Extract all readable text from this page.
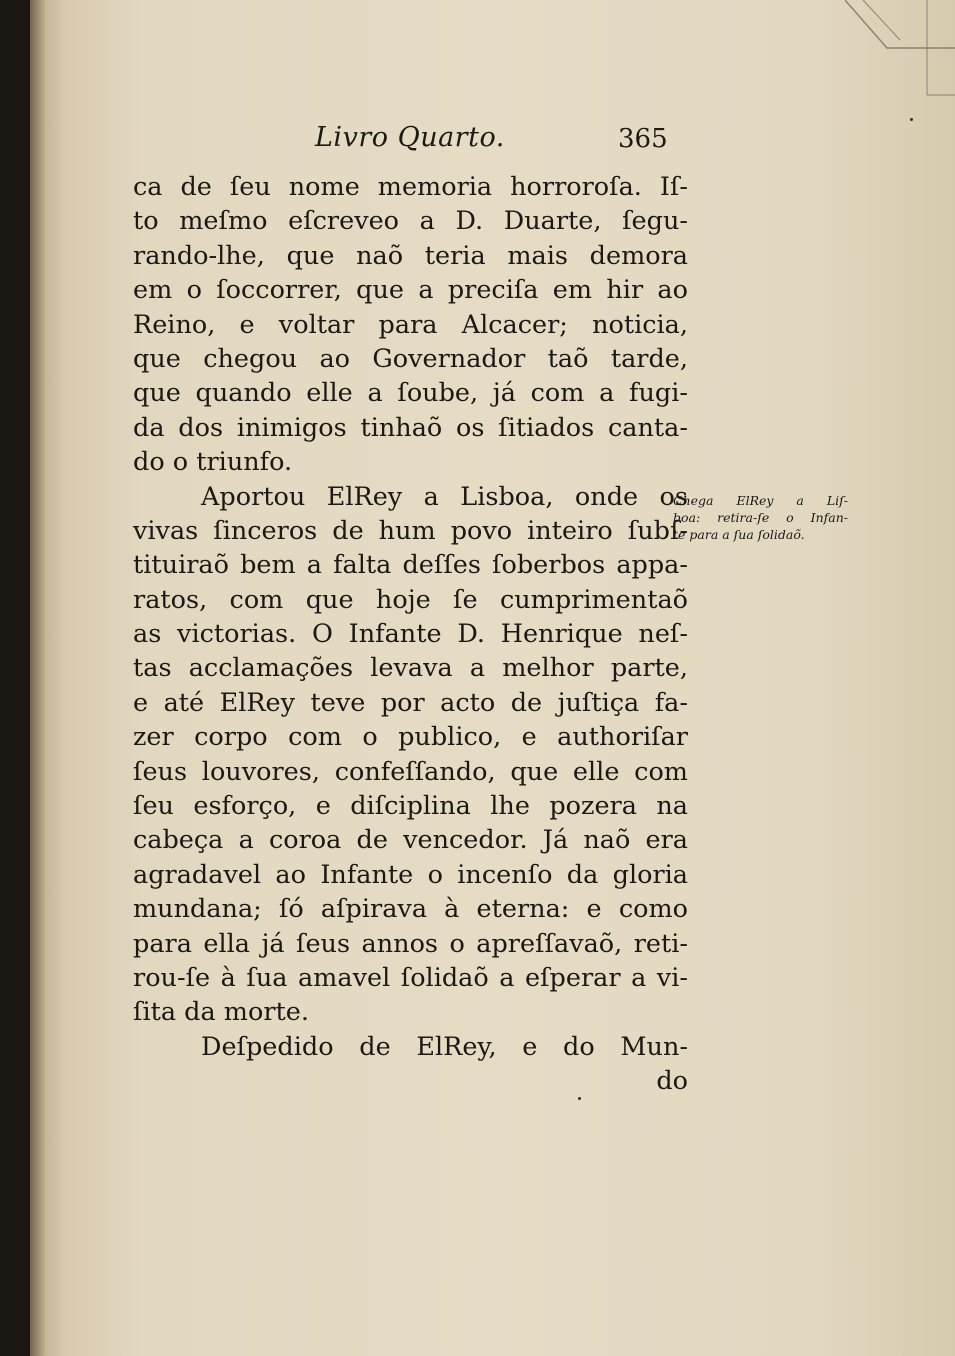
Livro Quarto.	365
ca de ſeu nome memoria horroroſa. Iſ-
to meſmo eſcreveo a D. Duarte, ſegu-
rando-lhe, que naõ teria mais demora
em o ſoccorrer, que a preciſa em hir ao
Reino, e voltar para Alcacer; noticia,
que chegou ao Governador taõ tarde,
que quando elle a ſoube, já com a fugi-
da dos inimigos tinhaõ os ſitiados canta-
do o triunfo.
Aportou ElRey a Lisboa, onde os
vivas ſinceros de hum povo inteiro ſubſ-
tituiraõ bem a falta deſſes ſoberbos appa-
ratos, com que hoje ſe cumprimentaõ
as victorias. O Infante D. Henrique neſ-
tas acclamações levava a melhor parte,
e até ElRey teve por acto de juſtiça fa-
zer corpo com o publico, e authoriſar
ſeus louvores, confeſſando, que elle com
ſeu esforço, e diſciplina lhe pozera na
cabeça a coroa de vencedor. Já naõ era
agradavel ao Infante o incenſo da gloria
mundana; ſó aſpirava à eterna: e como
para ella já ſeus annos o apreſſavaõ, reti-
rou-ſe à ſua amavel ſolidaõ a eſperar a vi-
ſita da morte.
Deſpedido de ElRey, e do Mun-
do
Chega ElRey a Liſ-
boa: retira-ſe o Infan-
te para a ſua ſolidaõ.
